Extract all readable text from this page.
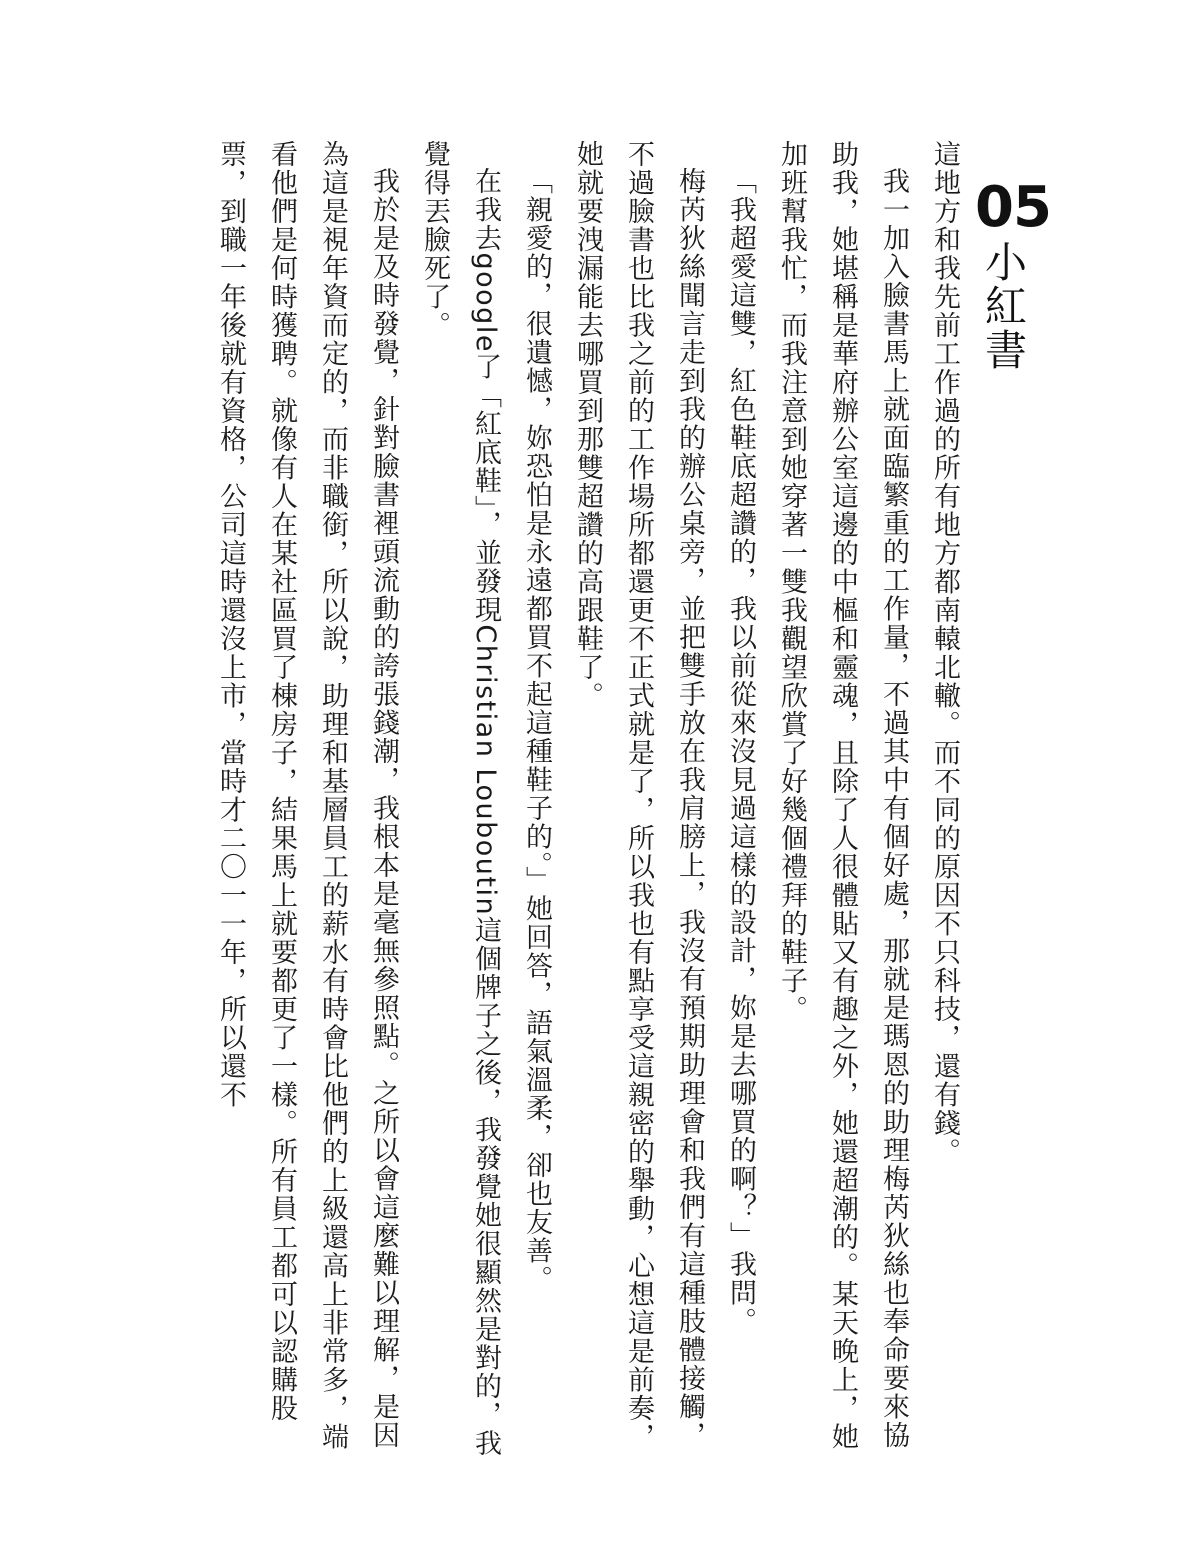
05
小紅書

這地方和我先前工作過的所有地方都南轅北轍。而不同的原因不只科技，還有錢。

我一加入臉書馬上就面臨繁重的工作量，不過其中有個好處，那就是瑪恩的助理梅芮狄絲也奉命要來協助我，她堪稱是華府辦公室這邊的中樞和靈魂，且除了人很體貼又有趣之外，她還超潮的。某天晚上，她加班幫我忙，而我注意到她穿著一雙我觀望欣賞了好幾個禮拜的鞋子。

「我超愛這雙，紅色鞋底超讚的，我以前從來沒見過這樣的設計，妳是去哪買的啊？」我問。

梅芮狄絲聞言走到我的辦公桌旁，並把雙手放在我肩膀上，我沒有預期助理會和我們有這種肢體接觸，不過臉書也比我之前的工作場所都還更不正式就是了，所以我也有點享受這親密的舉動，心想這是前奏，她就要洩漏能去哪買到那雙超讚的高跟鞋了。

「親愛的，很遺憾，妳恐怕是永遠都買不起這種鞋子的。」她回答，語氣溫柔，卻也友善。

在我去google了「紅底鞋」，並發現Christian Louboutin這個牌子之後，我發覺她很顯然是對的，我覺得丟臉死了。

我於是及時發覺，針對臉書裡頭流動的誇張錢潮，我根本是毫無參照點。之所以會這麼難以理解，是因為這是視年資而定的，而非職銜，所以說，助理和基層員工的薪水有時會比他們的上級還高上非常多，端看他們是何時獲聘。就像有人在某社區買了棟房子，結果馬上就要都更了一樣。所有員工都可以認購股票，到職一年後就有資格，公司這時還沒上市，當時才二〇一一年，所以還不
